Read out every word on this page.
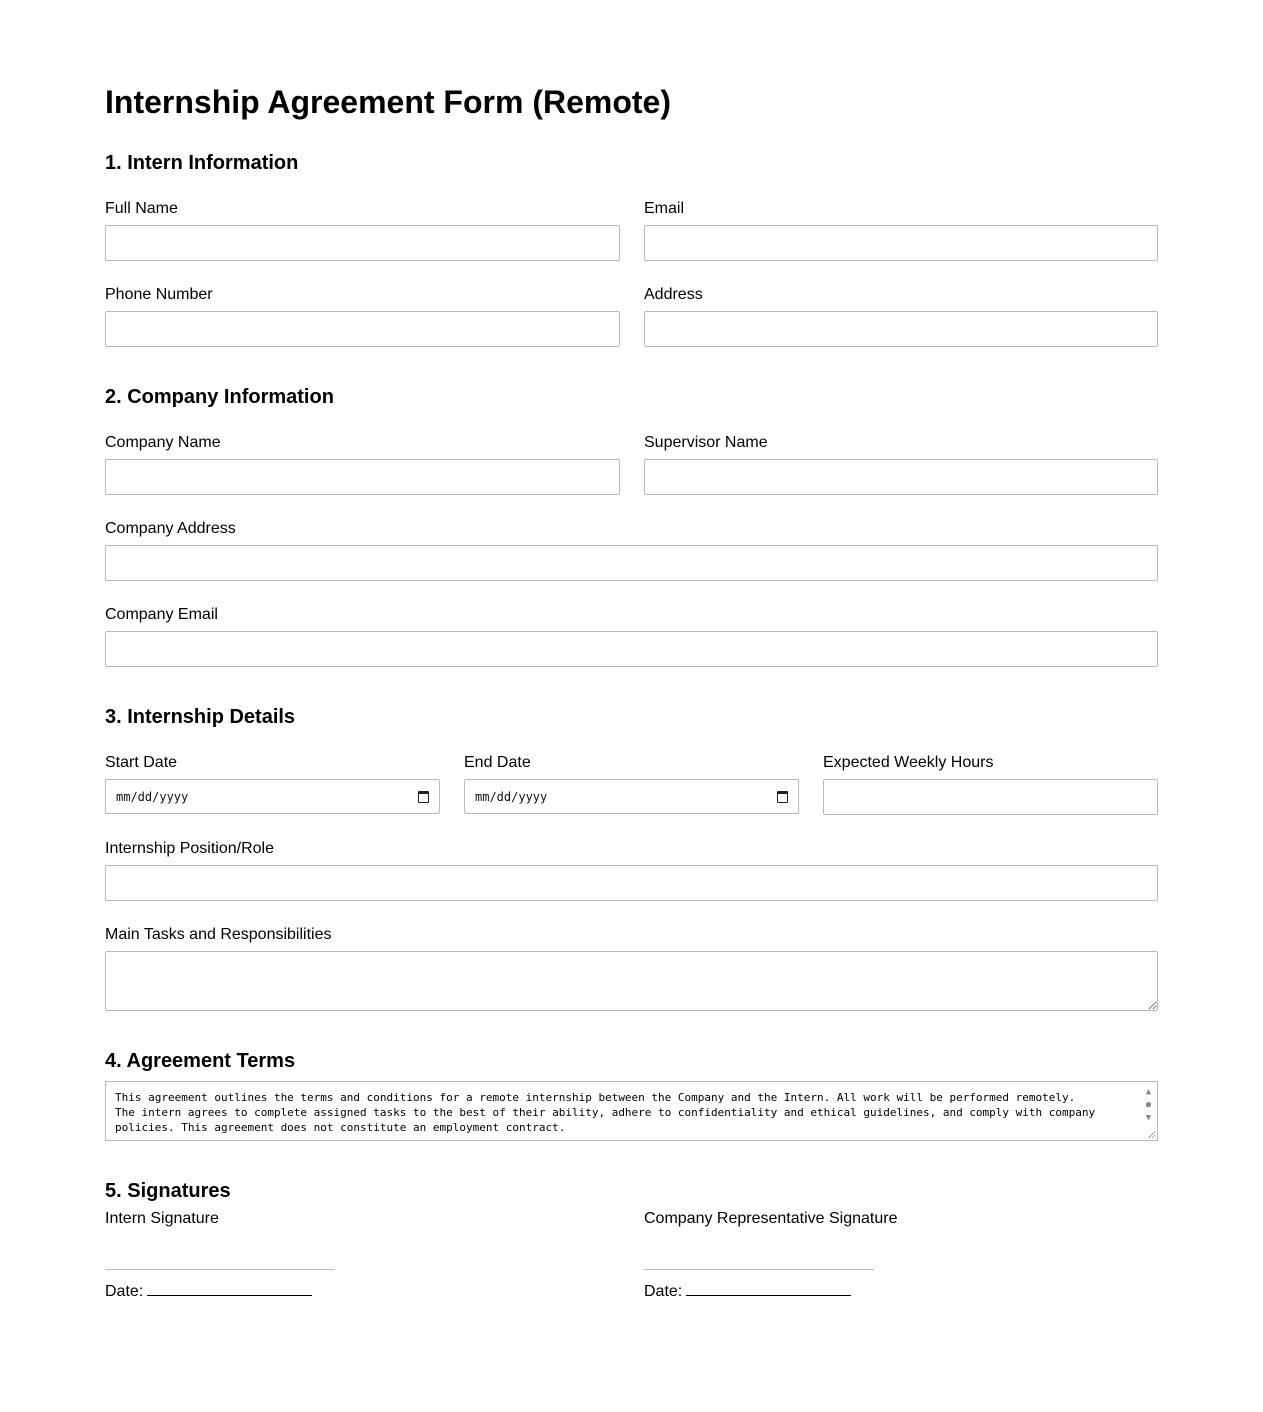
Internship Agreement Form (Remote)
1. Intern Information
Full Name	Email
Phone Number	Address
2. Company Information
Company Name	Supervisor Name
Company Address
Company Email
3. Internship Details
Start Date	End Date	Expected Weekly Hours
mm/dd/yyyy	mm/dd/yyyy
Internship Position/Role
Main Tasks and Responsibilities
4. Agreement Terms
This agreement outlines the terms and conditions for a remote internship between the Company and the Intern. All work will be performed remotely. The intern agrees to complete assigned tasks to the best of their ability, adhere to confidentiality and ethical guidelines, and comply with company policies. This agreement does not constitute an employment contract.
▲
●
▼
5. Signatures
Intern Signature	Company Representative Signature
Date:	Date:
